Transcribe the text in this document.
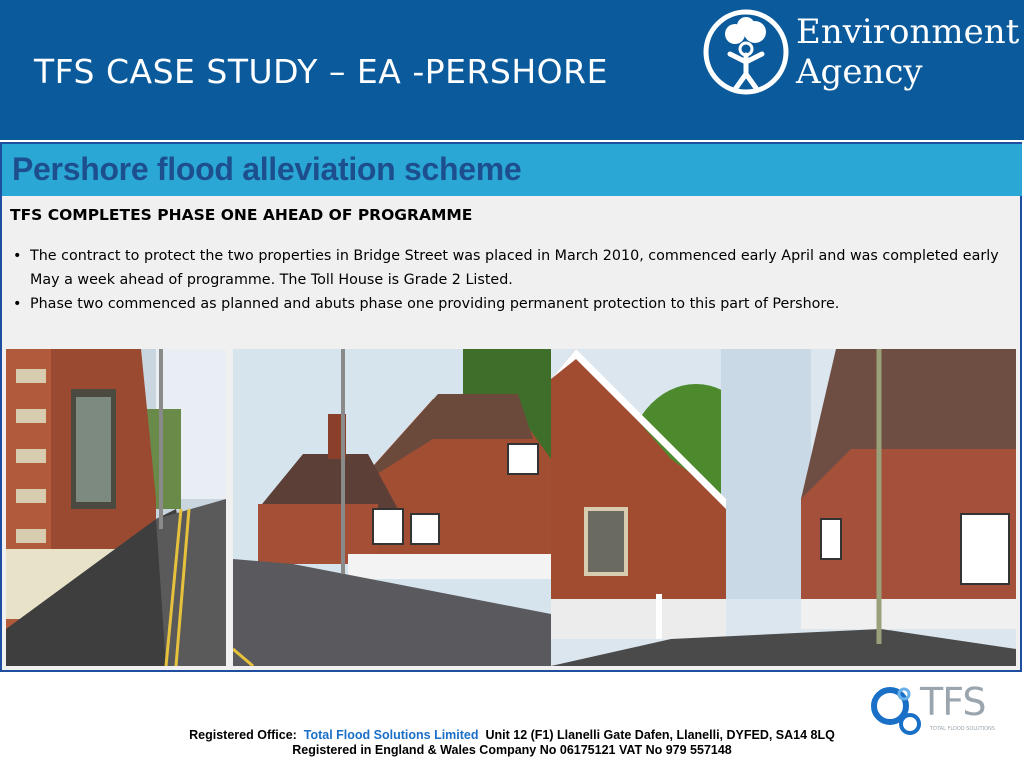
TFS CASE STUDY – EA -PERSHORE
Environment
Agency
Pershore flood alleviation scheme
TFS COMPLETES PHASE ONE AHEAD OF PROGRAMME
• The contract to protect the two properties in Bridge Street was placed in March 2010, commenced early April and was completed early May a week ahead of programme. The Toll House is Grade 2 Listed.
• Phase two commenced as planned and abuts phase one providing permanent protection to this part of Pershore.
TFS
TOTAL FLOOD SOLUTIONS
Registered Office: Total Flood Solutions Limited Unit 12 (F1) Llanelli Gate Dafen, Llanelli, DYFED, SA14 8LQ
Registered in England & Wales Company No 06175121 VAT No 979 557148
